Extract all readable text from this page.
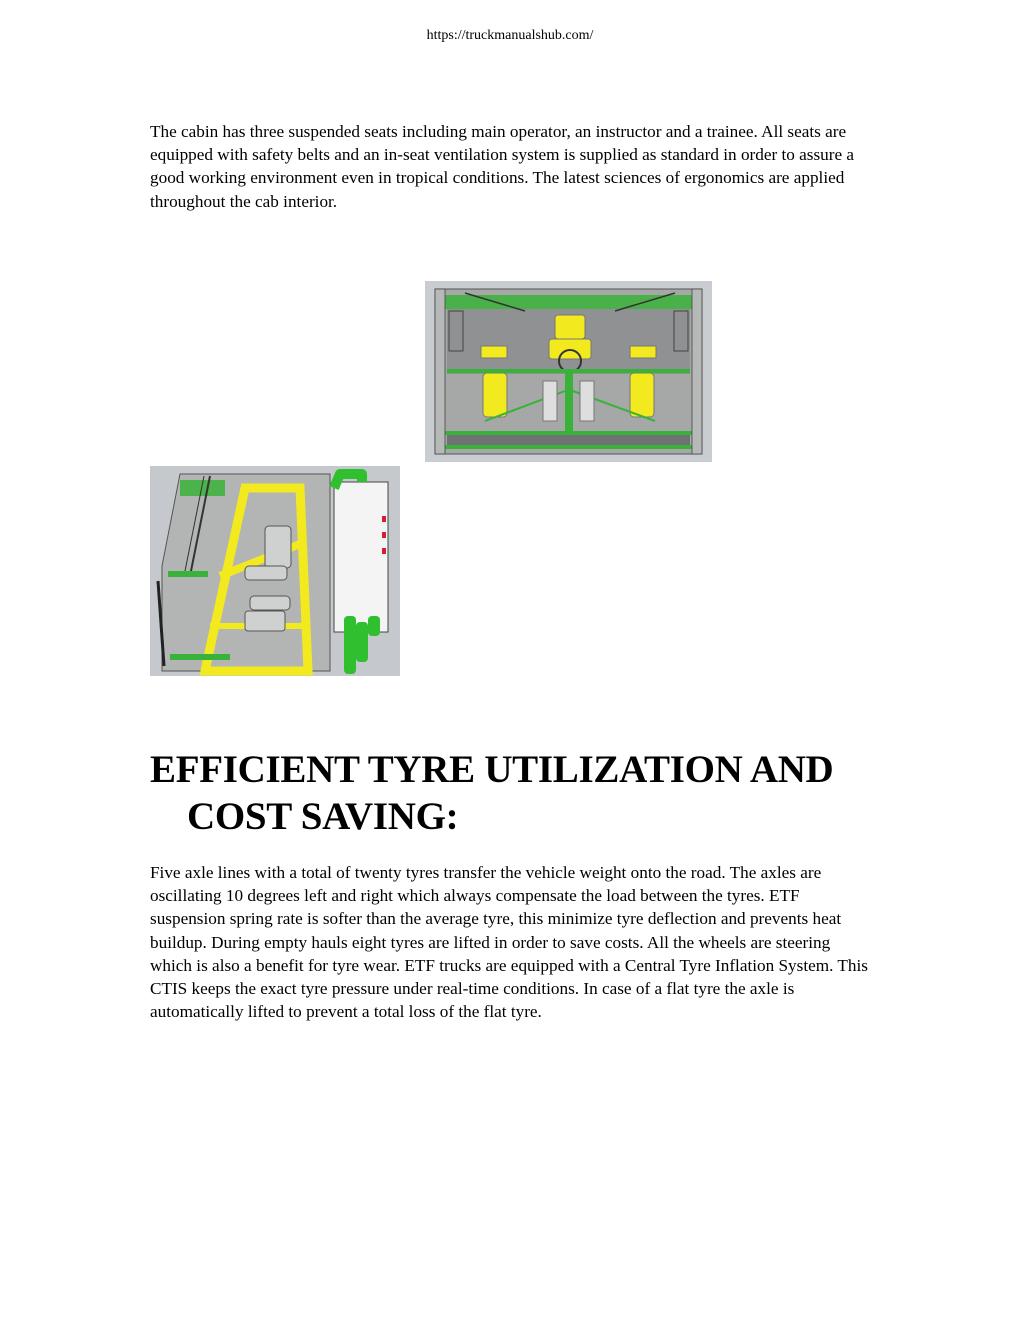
https://truckmanualshub.com/

The cabin has three suspended seats including main operator, an instructor and a trainee. All seats are equipped with safety belts and an in-seat ventilation system is supplied as standard in order to assure a good working environment even in tropical conditions. The latest sciences of ergonomics are applied throughout the cab interior.

EFFICIENT TYRE UTILIZATION AND
COST SAVING:

Five axle lines with a total of twenty tyres transfer the vehicle weight onto the road. The axles are oscillating 10 degrees left and right which always compensate the load between the tyres. ETF suspension spring rate is softer than the average tyre, this minimize tyre deflection and prevents heat buildup. During empty hauls eight tyres are lifted in order to save costs. All the wheels are steering which is also a benefit for tyre wear. ETF trucks are equipped with a Central Tyre Inflation System. This CTIS keeps the exact tyre pressure under real-time conditions. In case of a flat tyre the axle is automatically lifted to prevent a total loss of the flat tyre.
